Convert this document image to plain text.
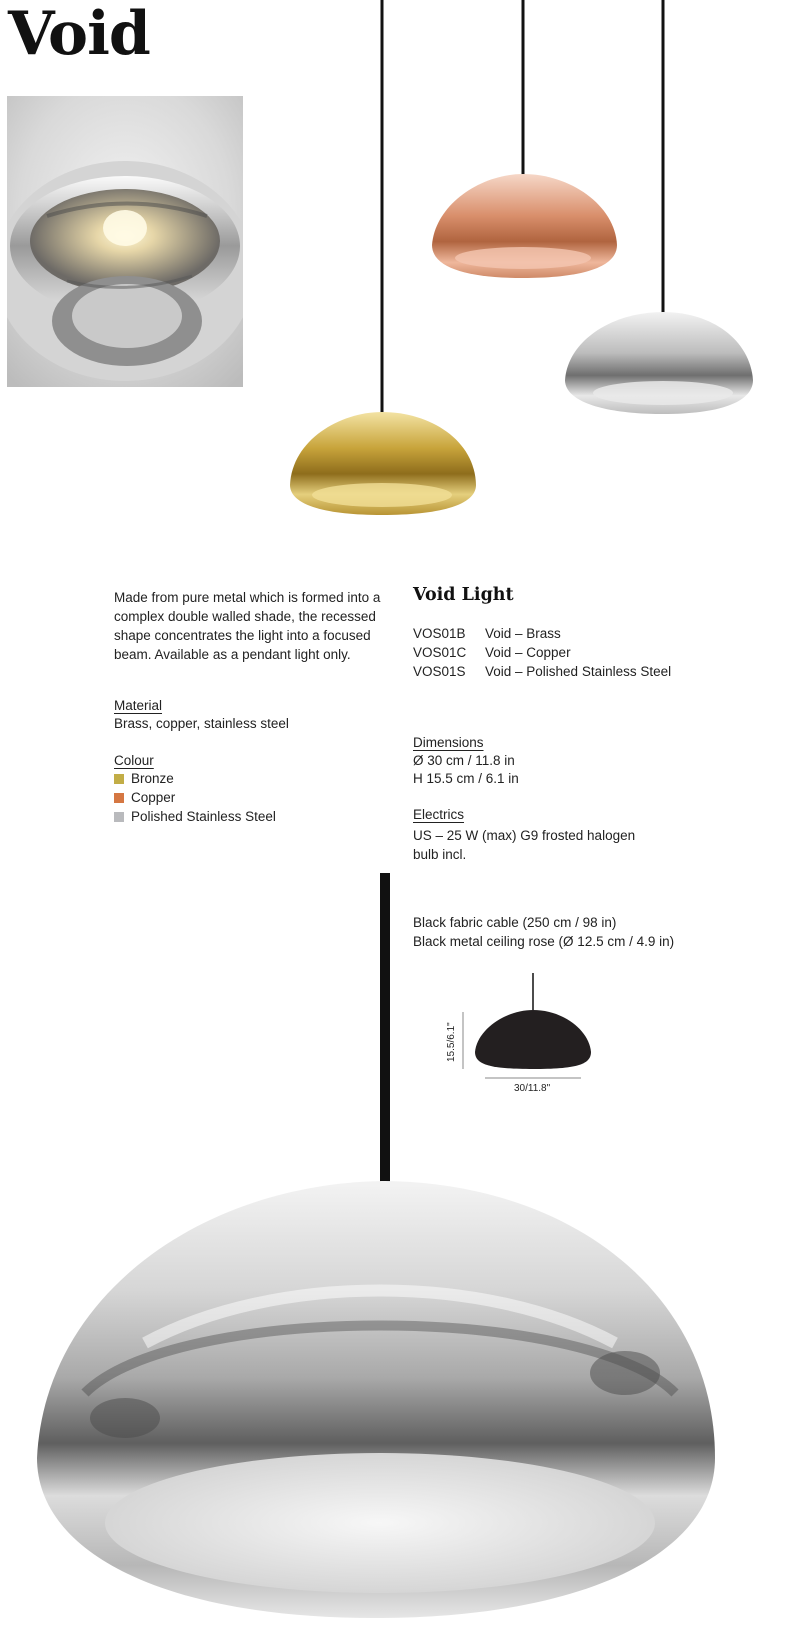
Void
Made from pure metal which is formed into a complex double walled shade, the recessed shape concentrates the light into a focused beam. Available as a pendant light only.
Material
Brass, copper, stainless steel
Colour
Bronze
Copper
Polished Stainless Steel
Void Light
VOS01B	Void – Brass
VOS01C	Void – Copper
VOS01S	Void – Polished Stainless Steel
Dimensions
Ø 30 cm / 11.8 in
H 15.5 cm / 6.1 in
Electrics
US – 25 W (max) G9 frosted halogen
bulb incl.
Black fabric cable (250 cm / 98 in)
Black metal ceiling rose (Ø 12.5 cm / 4.9 in)
15.5/6.1"
30/11.8"
